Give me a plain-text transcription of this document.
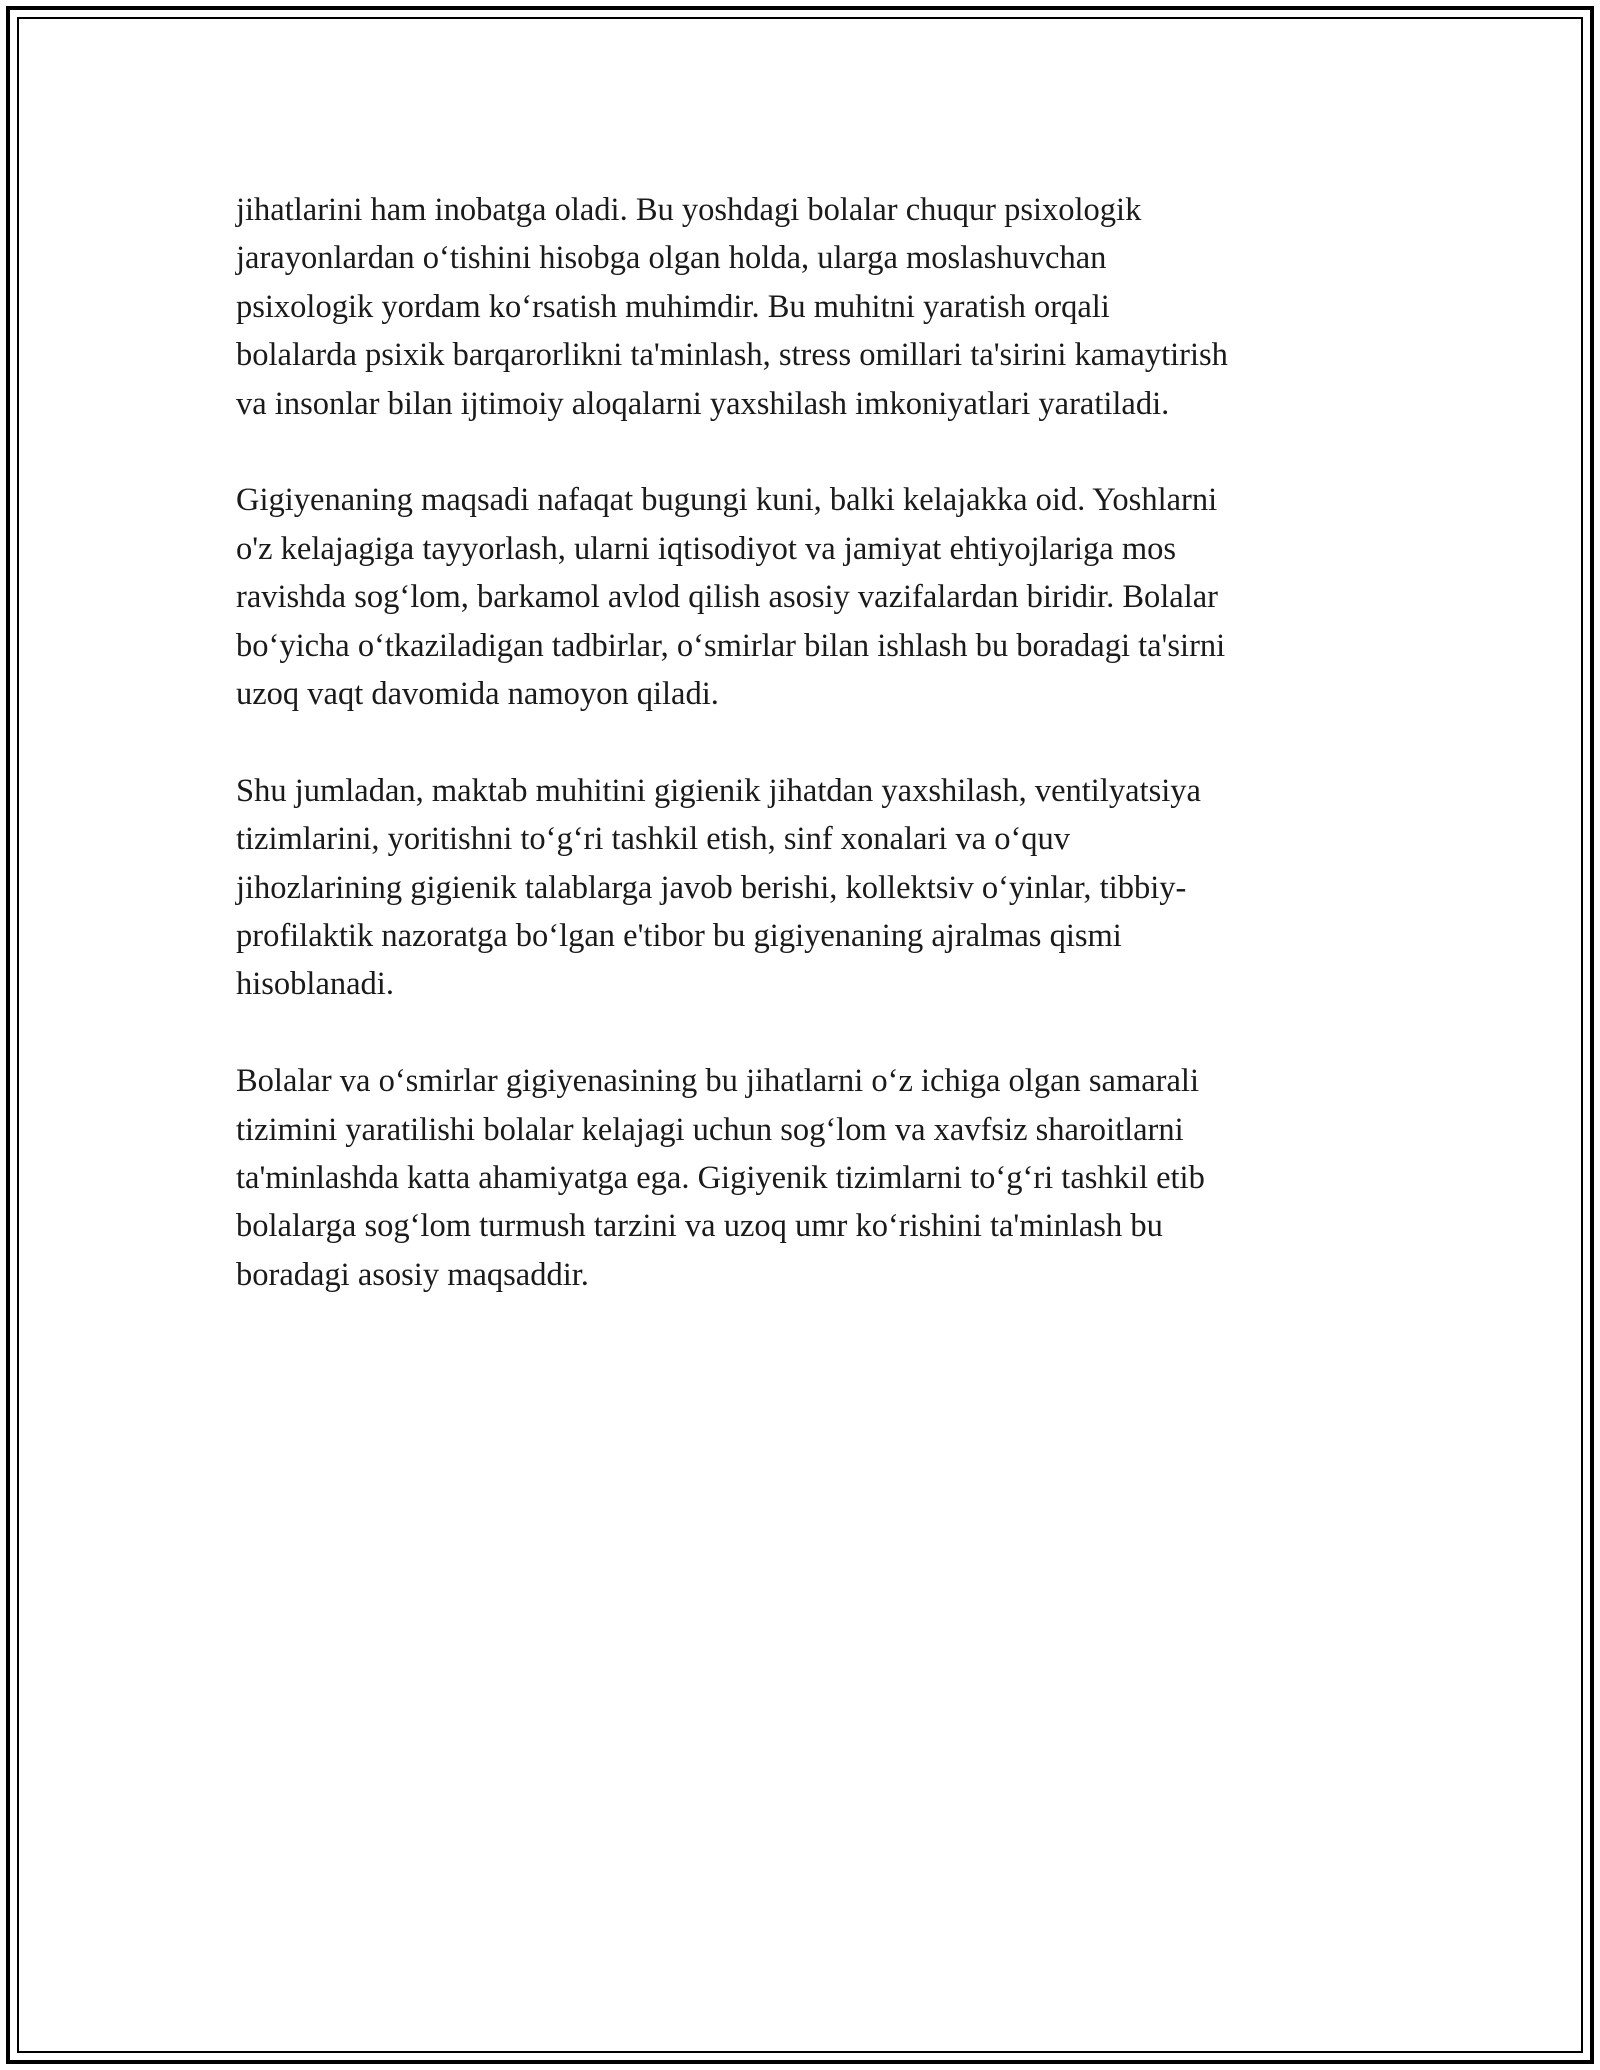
jihatlarini ham inobatga oladi. Bu yoshdagi bolalar chuqur psixologik
jarayonlardan o‘tishini hisobga olgan holda, ularga moslashuvchan
psixologik yordam ko‘rsatish muhimdir. Bu muhitni yaratish orqali
bolalarda psixik barqarorlikni ta'minlash, stress omillari ta'sirini kamaytirish
va insonlar bilan ijtimoiy aloqalarni yaxshilash imkoniyatlari yaratiladi.

Gigiyenaning maqsadi nafaqat bugungi kuni, balki kelajakka oid. Yoshlarni
o'z kelajagiga tayyorlash, ularni iqtisodiyot va jamiyat ehtiyojlariga mos
ravishda sog‘lom, barkamol avlod qilish asosiy vazifalardan biridir. Bolalar
bo‘yicha o‘tkaziladigan tadbirlar, o‘smirlar bilan ishlash bu boradagi ta'sirni
uzoq vaqt davomida namoyon qiladi.

Shu jumladan, maktab muhitini gigienik jihatdan yaxshilash, ventilyatsiya
tizimlarini, yoritishni to‘g‘ri tashkil etish, sinf xonalari va o‘quv
jihozlarining gigienik talablarga javob berishi, kollektsiv o‘yinlar, tibbiy-
profilaktik nazoratga bo‘lgan e'tibor bu gigiyenaning ajralmas qismi
hisoblanadi.

Bolalar va o‘smirlar gigiyenasining bu jihatlarni o‘z ichiga olgan samarali
tizimini yaratilishi bolalar kelajagi uchun sog‘lom va xavfsiz sharoitlarni
ta'minlashda katta ahamiyatga ega. Gigiyenik tizimlarni to‘g‘ri tashkil etib
bolalarga sog‘lom turmush tarzini va uzoq umr ko‘rishini ta'minlash bu
boradagi asosiy maqsaddir.
